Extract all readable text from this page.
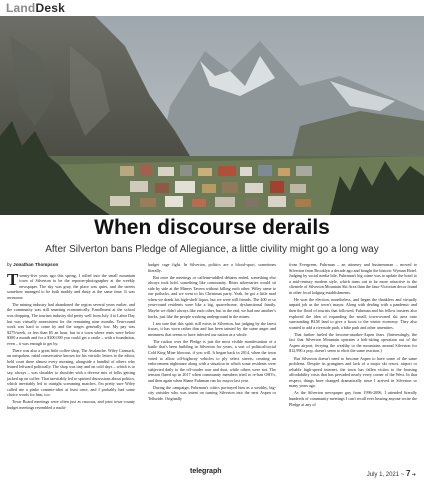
LandDesk
When discourse derails
After Silverton bans Pledge of Allegiance, a little civility might go a long way
by Jonathan Thompson

Twenty-five years ago this spring, I rolled into the small mountain town of Silverton to be the reporter-photographer at the weekly newspaper. The sky was gray, the place was quiet, and the streets somehow managed to be both muddy and dusty at the same time. It was awesome.

The mining industry had abandoned the region several years earlier, and the community was still smarting economically. Enrollment at the school was dropping. The tourism industry did pretty well from July 4 to Labor Day but was virtually nonexistent for the remaining nine months. Year-round work was hard to come by and the wages generally low. My pay was $275/week, or less than $5 an hour, but in a town where rents were below $300 a month and for a $100,000 you could get a castle – with a foundation, even – it was enough to get by.

There was also a great little coffee shop, The Avalanche. Wiley Carmack, an outspoken, rabid conservative known for his vitriolic letters to the editor, held court there almost every morning, alongside a handful of others who leaned leftward politically. The shop was tiny and on cold days – which is to say, always – was shoulder to shoulder with a diverse mix of folks getting jacked up on coffee. That inevitably led to spirited discussions about politics, which inevitably led to outright screaming matches. I'm pretty sure Wiley called me a pinko commie-idiot at least once, and I probably had some choice words for him, too.

Town Board meetings were often just as raucous, and joint town-county budget meetings resembled a multi-

budget cage fight. In Silverton, politics are a blood-sport, sometimes literally.

But once the meetings or caffeine-addled debates ended, something else always took hold, something like community. Bitter adversaries would sit side by side at the Miners Tavern without killing each other. Wiley came to our potlucks, and we went to his Christmas party. Yeah, he got a little mad when we drank his high-shelf liquor, but we were still friends. The 400 or so year-round residents were like a big, quarrelsome, dysfunctional family. Maybe we didn't always like each other, but in the end, we had one another's backs, just like the people working underground in the mines.

I am sure that this spirit still exists in Silverton, but judging by the latest fracas, it has worn rather thin and has been tainted by the same anger and meanness that seems to have infected our nation as a whole.

The ruckus over the Pledge is just the most visible manifestation of a battle that's been building in Silverton for years, a sort of political/social Cold King Mine blowout, if you will. It began back in 2014, when the town voted to allow off-highway vehicles to ply select streets, creating an enforcement nightmare along with a situation in which some residents were subjected daily to the off-roader roar and dust, while others were not. The tension flared up in 2017 when community members tried to re-ban OHVs, and then again when Shane Fuhrman ran for mayor last year.

During the campaign, Fuhrman's critics portrayed him as a wealthy, big-city outsider who was intent on turning Silverton into the next Aspen or Telluride. Originally

from Evergreen, Fuhrman – an attorney and businessman – moved to Silverton from Brooklyn a decade ago and bought the historic Wyman Hotel. Judging by social media bile, Fuhrman's big crime was to update the hotel to a mid-century modern style, which turns out to be more attractive to the clientele of Silverton Mountain Ski Area than the faux-Victorian decor found in other local lodging establishments.

He won the election, nonetheless, and began the thankless and virtually unpaid job as the town's mayor. Along with dealing with a pandemic and then the flood of tourists that followed, Fuhrman and his fellow trustees also explored the idea of expanding the small, town-owned ski area onto surrounding BLM land to give a boost to the winter economy. They also wanted to add a riverside path, a bike park and other amenities.

That further fueled the become-another-Aspen fears. (Interestingly, the fact that Silverton Mountain operates a heli-skiing operation out of the Aspen airport, ferrying the wealthy to the mountains around Silverton for $12,990 a pop, doesn't seem to elicit the same reaction.)

But Silverton doesn't need to become Aspen to have some of the same problems. Despite its grungines and lack of a major ski resort, airport or reliable high-speed internet, the town has fallen victim to the housing affordability crisis that has pervaded nearly every corner of the West. In that respect, things have changed dramatically since I arrived in Silverton so many years ago.

As the Silverton newspaper guy from 1996-2006, I attended literally hundreds of community meetings I can't recall ever hearing anyone recite the Pledge at any of

telegraph	July 1, 2021 ~ 7 ➔
